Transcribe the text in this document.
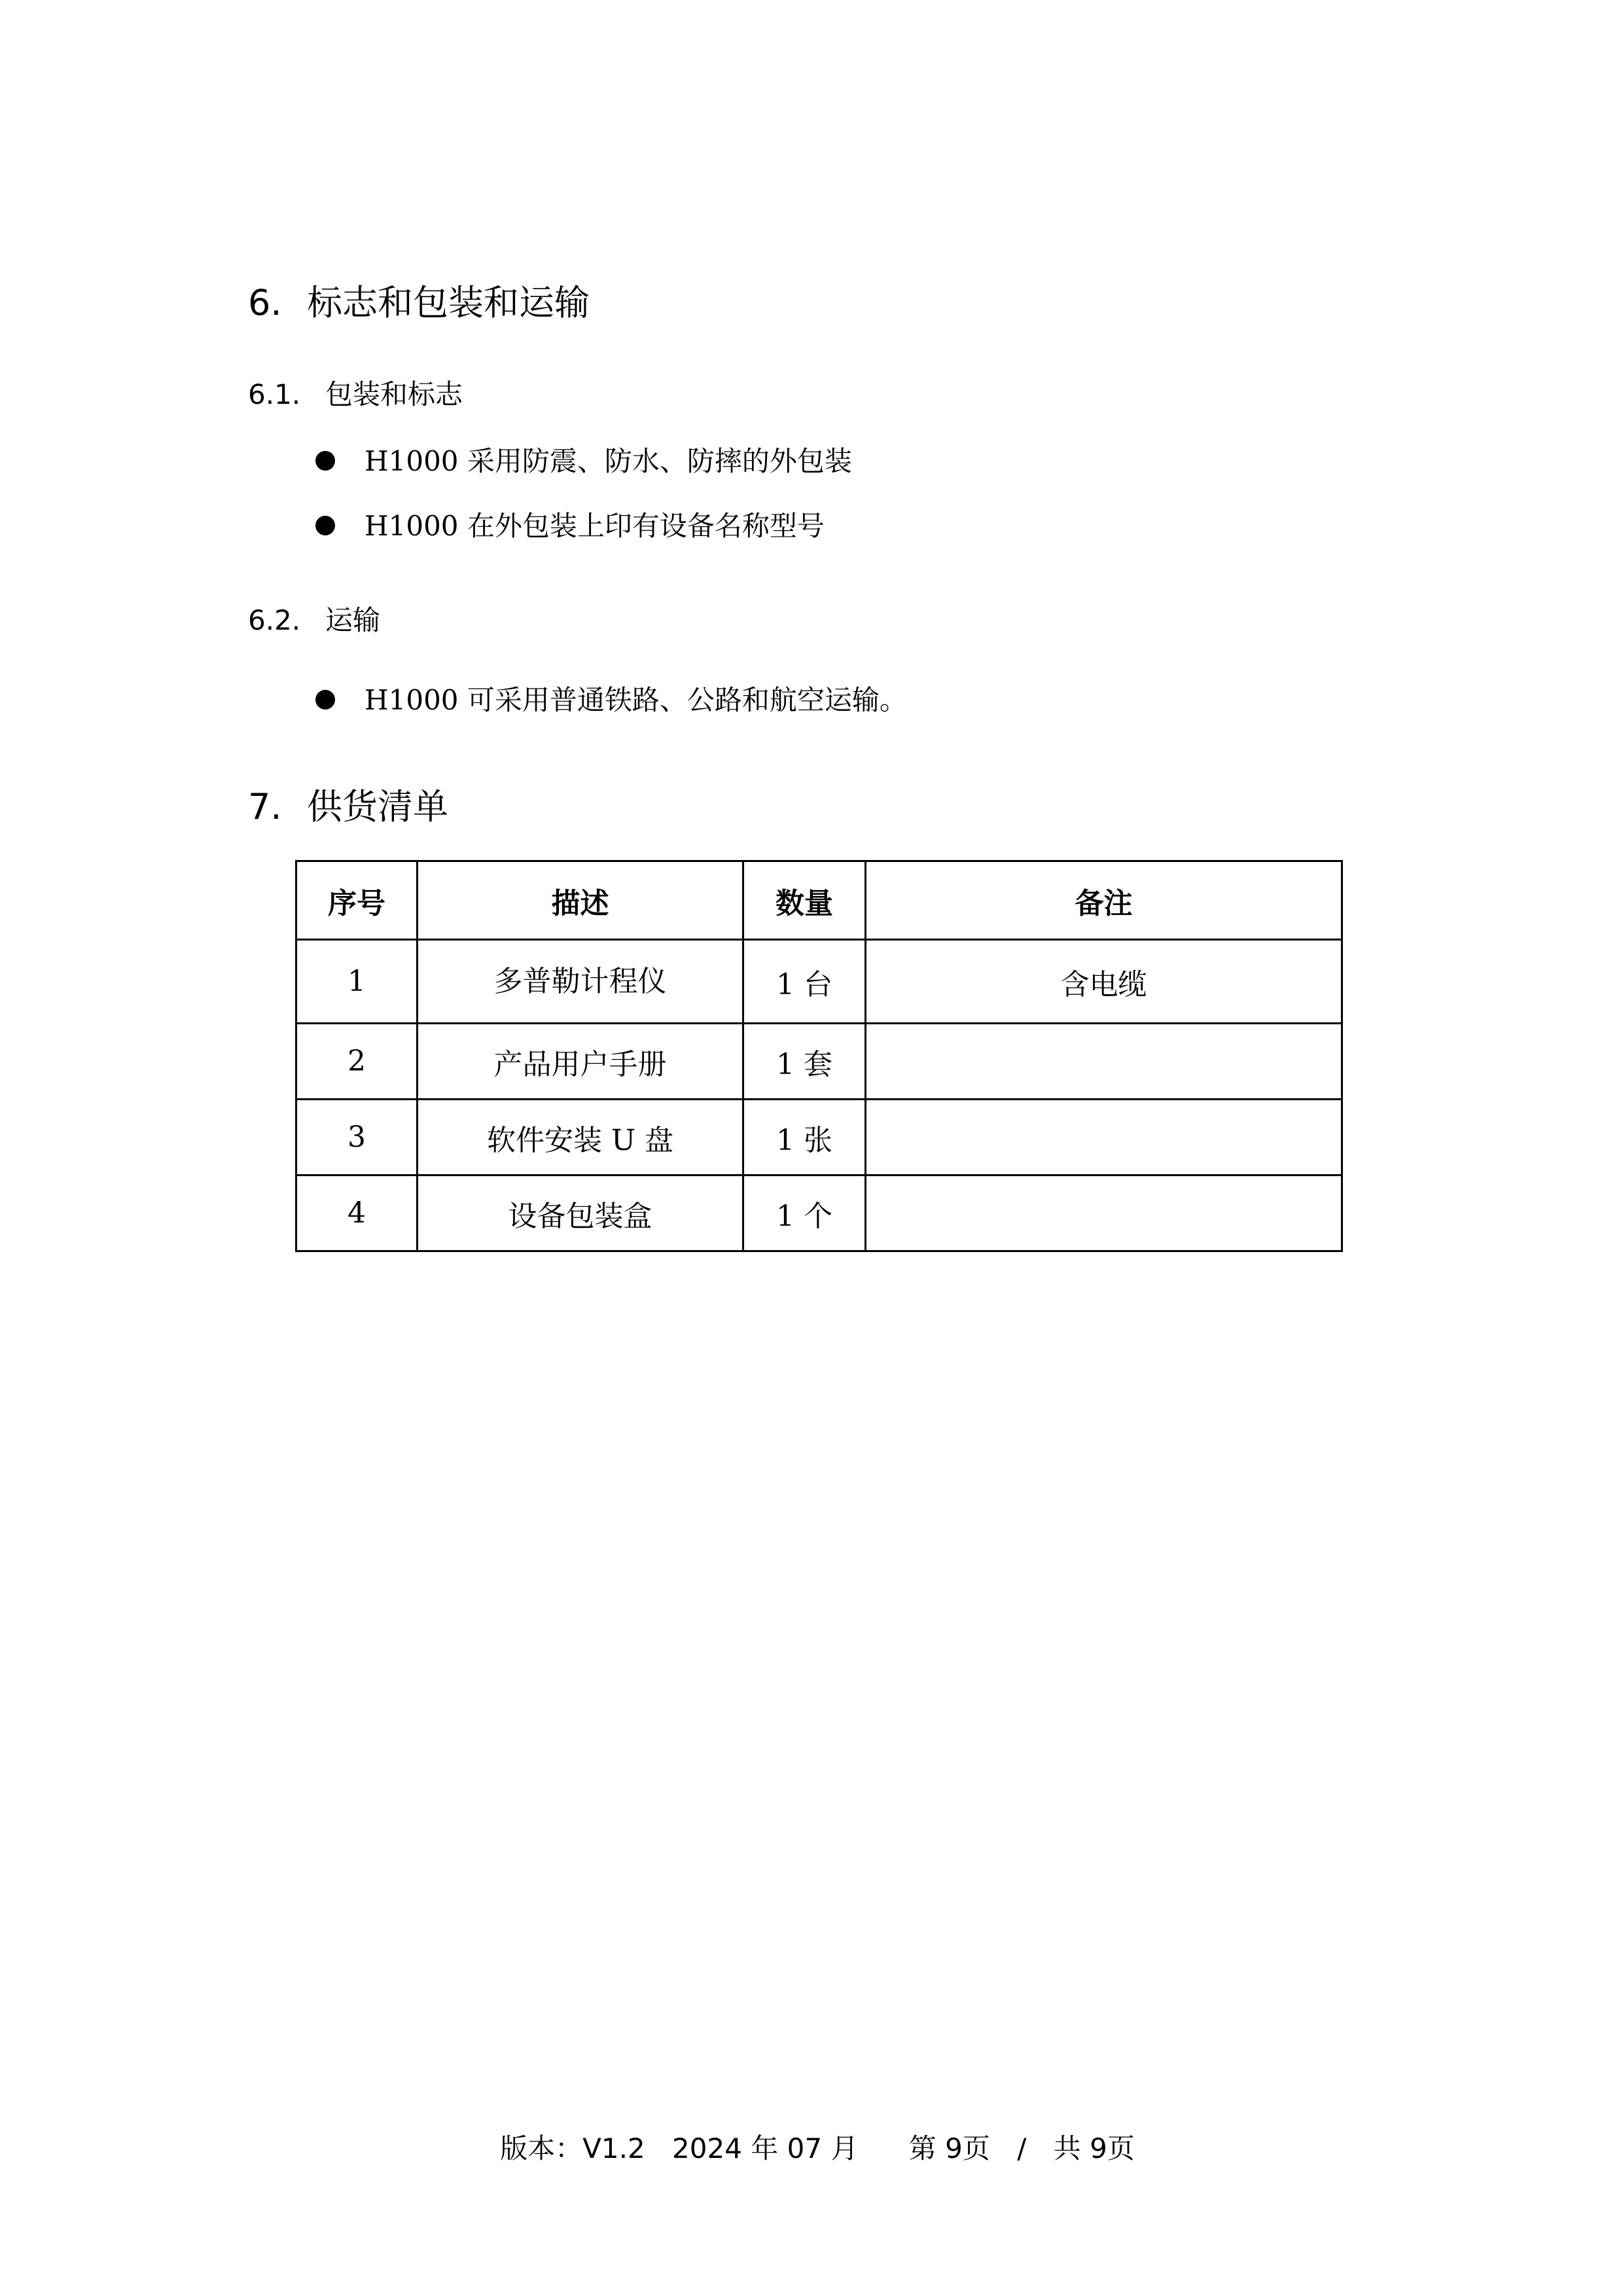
6. 标志和包装和运输
6.1. 包装和标志
H1000 采用防震、防水、防摔的外包装
H1000 在外包装上印有设备名称型号
6.2. 运输
H1000 可采用普通铁路、公路和航空运输。
7. 供货清单
序号	描述	数量	备注
1	多普勒计程仪	1 台	含电缆
2	产品用户手册	1 套	
3	软件安装 U 盘	1 张	
4	设备包装盒	1 个	
版本：V1.2 2024 年 07 月 第 9页 / 共 9页
